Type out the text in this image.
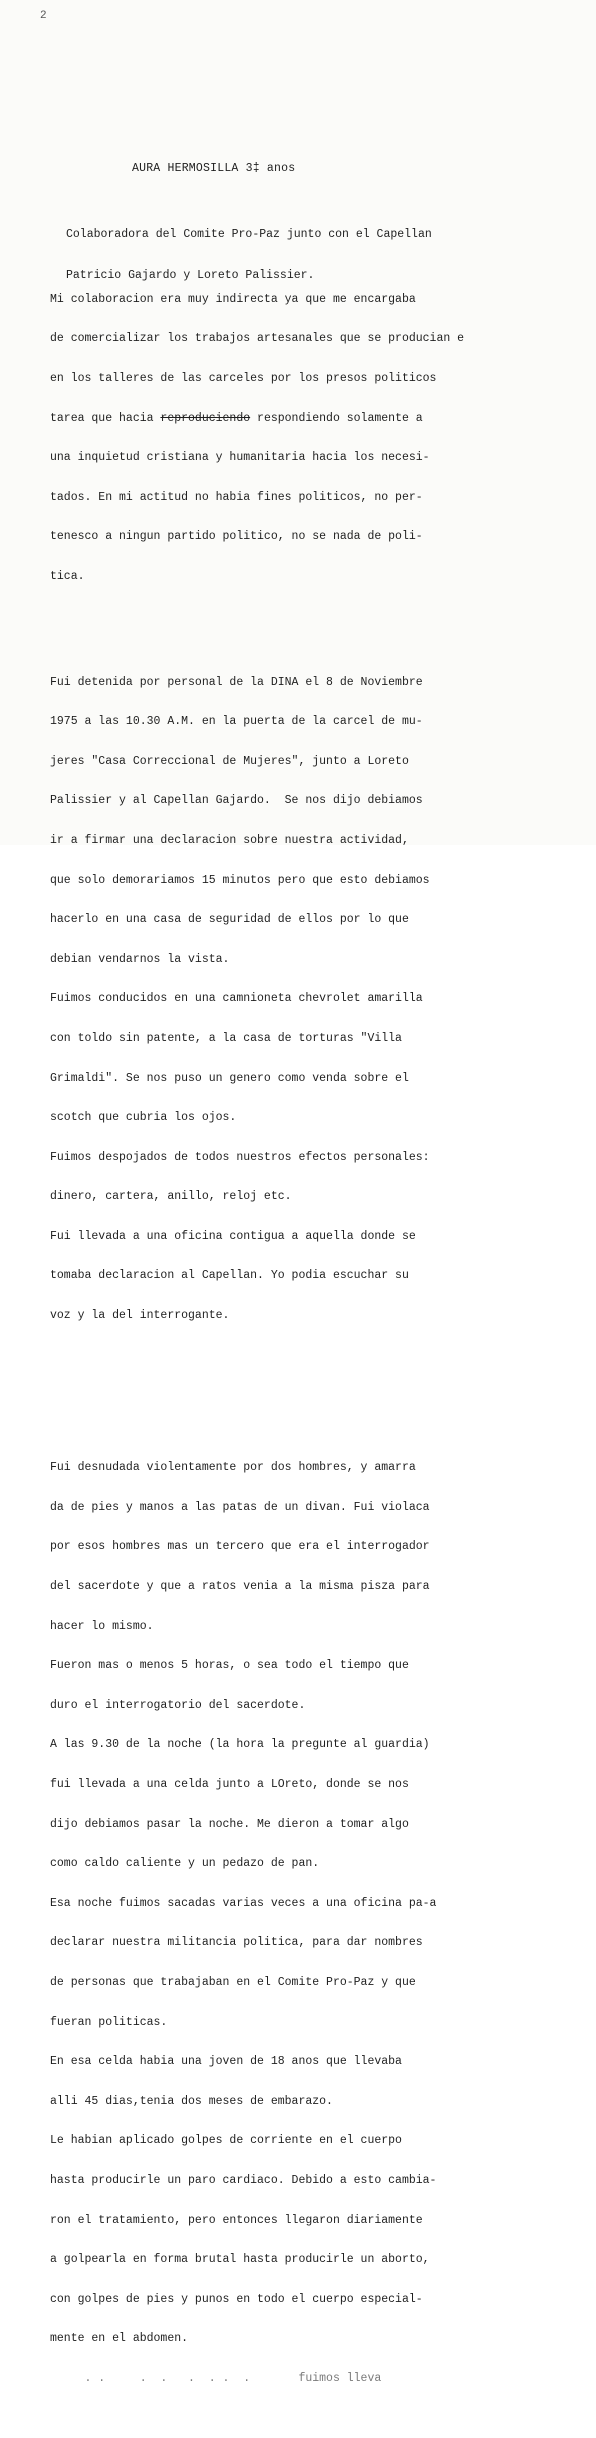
2
AURA HERMOSILLA 3‡ anos

Colaboradora del Comite Pro-Paz junto con el Capellan

Patricio Gajardo y Loreto Palissier.

Mi colaboracion era muy indirecta ya que me encargaba

de comercializar los trabajos artesanales que se producian e

en los talleres de las carceles por los presos politicos

tarea que hacia reproduciendo respondiendo solamente a

una inquietud cristiana y humanitaria hacia los necesi-

tados. En mi actitud no habia fines politicos, no per-

tenesco a ningun partido politico, no se nada de poli-

tica.

Fui detenida por personal de la DINA el 8 de Noviembre

1975 a las 10.30 A.M. en la puerta de la carcel de mu-

jeres "Casa Correccional de Mujeres", junto a Loreto

Palissier y al Capellan Gajardo.  Se nos dijo debiamos

ir a firmar una declaracion sobre nuestra actividad,

que solo demorariamos 15 minutos pero que esto debiamos

hacerlo en una casa de seguridad de ellos por lo que

debian vendarnos la vista.

Fuimos conducidos en una camnioneta chevrolet amarilla

con toldo sin patente, a la casa de torturas "Villa

Grimaldi". Se nos puso un genero como venda sobre el

scotch que cubria los ojos.

Fuimos despojados de todos nuestros efectos personales:

dinero, cartera, anillo, reloj etc.

Fui llevada a una oficina contigua a aquella donde se

tomaba declaracion al Capellan. Yo podia escuchar su

voz y la del interrogante.

Fui desnudada violentamente por dos hombres, y amarra

da de pies y manos a las patas de un divan. Fui violaca

por esos hombres mas un tercero que era el interrogador

del sacerdote y que a ratos venia a la misma pisza para

hacer lo mismo.

Fueron mas o menos 5 horas, o sea todo el tiempo que

duro el interrogatorio del sacerdote.

A las 9.30 de la noche (la hora la pregunte al guardia)

fui llevada a una celda junto a LOreto, donde se nos

dijo debiamos pasar la noche. Me dieron a tomar algo

como caldo caliente y un pedazo de pan.

Esa noche fuimos sacadas varias veces a una oficina pa-a

declarar nuestra militancia politica, para dar nombres

de personas que trabajaban en el Comite Pro-Paz y que

fueran politicas.

En esa celda habia una joven de 18 anos que llevaba

alli 45 dias,tenia dos meses de embarazo.

Le habian aplicado golpes de corriente en el cuerpo

hasta producirle un paro cardiaco. Debido a esto cambia-

ron el tratamiento, pero entonces llegaron diariamente

a golpearla en forma brutal hasta producirle un aborto,

con golpes de pies y punos en todo el cuerpo especial-

mente en el abdomen.

. .     .  .   .  . .  .       fuimos lleva
